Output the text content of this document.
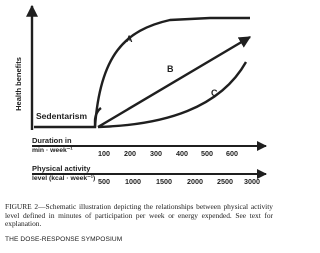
Health benefits
Sedentarism
A
B
C
Duration in
min · week⁻¹	100 200 300 400 500 600
Physical activity
level (kcal · week⁻¹) 500 1000 1500 2000 2500 3000

FIGURE 2—Schematic illustration depicting the relationships between physical activity level defined in minutes of participation per week or energy expended. See text for explanation.

THE DOSE-RESPONSE SYMPOSIUM
